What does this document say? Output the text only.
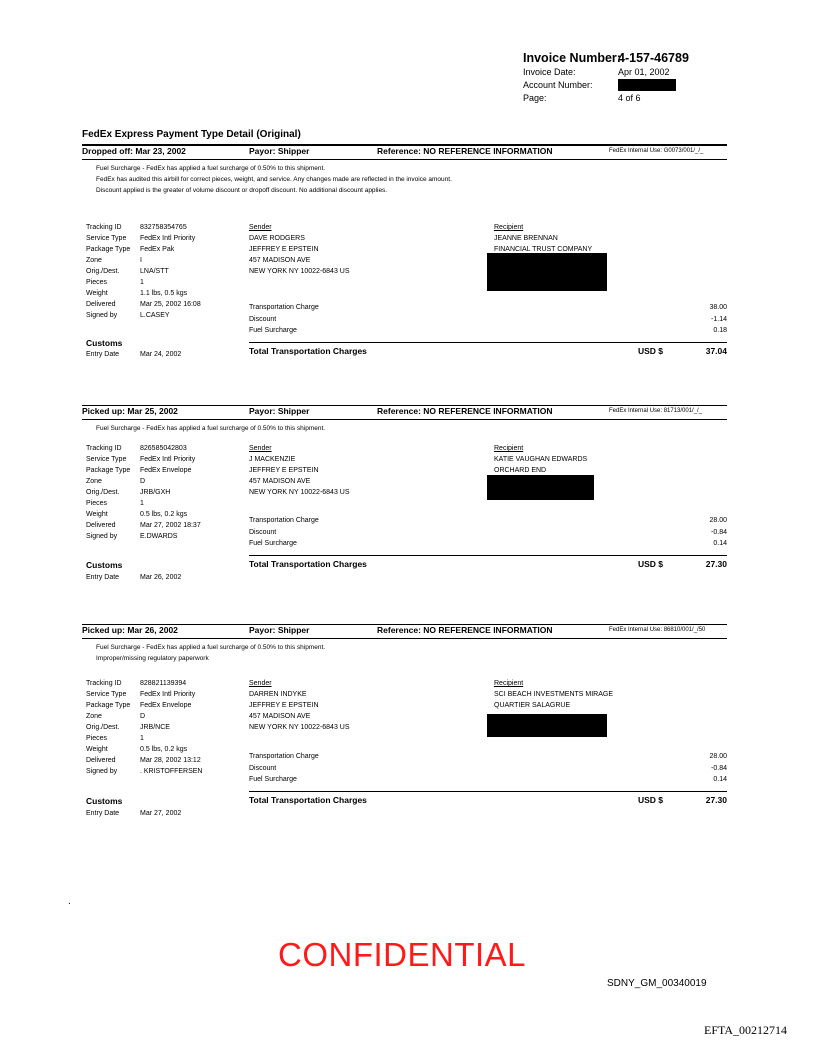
Invoice Number:
4-157-46789
Invoice Date:	Apr 01, 2002
Account Number:
Page:	4 of 6
FedEx Express Payment Type Detail (Original)
Dropped off: Mar 23, 2002	Payor: Shipper	Reference: NO REFERENCE INFORMATION	FedEx Internal Use: G0073/001/_/_
Fuel Surcharge - FedEx has applied a fuel surcharge of 0.50% to this shipment.
FedEx has audited this airbill for correct pieces, weight, and service. Any changes made are reflected in the invoice amount.
Discount applied is the greater of volume discount or dropoff discount. No additional discount applies.
Tracking ID	832758354765
Service Type FedEx Intl Priority
Package Type FedEx Pak
Zone	I
Orig./Dest.	LNA/STT
Pieces	1
Weight	1.1 lbs, 0.5 kgs
Delivered	Mar 25, 2002 16:08
Signed by	L.CASEY
Sender
DAVE RODGERS
JEFFREY E EPSTEIN
457 MADISON AVE
NEW YORK NY 10022-6843 US
Recipient
JEANNE BRENNAN
FINANCIAL TRUST COMPANY
Transportation Charge	38.00
Discount	-1.14
Fuel Surcharge	0.18
Total Transportation Charges	USD $	37.04
Customs
Entry Date	Mar 24, 2002
Picked up: Mar 25, 2002	Payor: Shipper	Reference: NO REFERENCE INFORMATION	FedEx Internal Use: 81713/001/_/_
Fuel Surcharge - FedEx has applied a fuel surcharge of 0.50% to this shipment.
Tracking ID	826585042803
Service Type FedEx Intl Priority
Package Type FedEx Envelope
Zone	D
Orig./Dest.	JRB/GXH
Pieces	1
Weight	0.5 lbs, 0.2 kgs
Delivered	Mar 27, 2002 18:37
Signed by	E.DWARDS
Sender
J MACKENZIE
JEFFREY E EPSTEIN
457 MADISON AVE
NEW YORK NY 10022-6843 US
Recipient
KATIE VAUGHAN EDWARDS
ORCHARD END
Transportation Charge	28.00
Discount	-0.84
Fuel Surcharge	0.14
Total Transportation Charges	USD $	27.30
Customs
Entry Date	Mar 26, 2002
Picked up: Mar 26, 2002	Payor: Shipper	Reference: NO REFERENCE INFORMATION	FedEx Internal Use: 86810/001/_/50
Fuel Surcharge - FedEx has applied a fuel surcharge of 0.50% to this shipment.
Improper/missing regulatory paperwork
Tracking ID	828821139394
Service Type FedEx Intl Priority
Package Type FedEx Envelope
Zone	D
Orig./Dest.	JRB/NCE
Pieces	1
Weight	0.5 lbs, 0.2 kgs
Delivered	Mar 28, 2002 13:12
Signed by	. KRISTOFFERSEN
Sender
DARREN INDYKE
JEFFREY E EPSTEIN
457 MADISON AVE
NEW YORK NY 10022-6843 US
Recipient
SCI BEACH INVESTMENTS MIRAGE
QUARTIER SALAGRUE
Transportation Charge	28.00
Discount	-0.84
Fuel Surcharge	0.14
Total Transportation Charges	USD $	27.30
Customs
Entry Date	Mar 27, 2002
.
CONFIDENTIAL
SDNY_GM_00340019
EFTA_00212714
